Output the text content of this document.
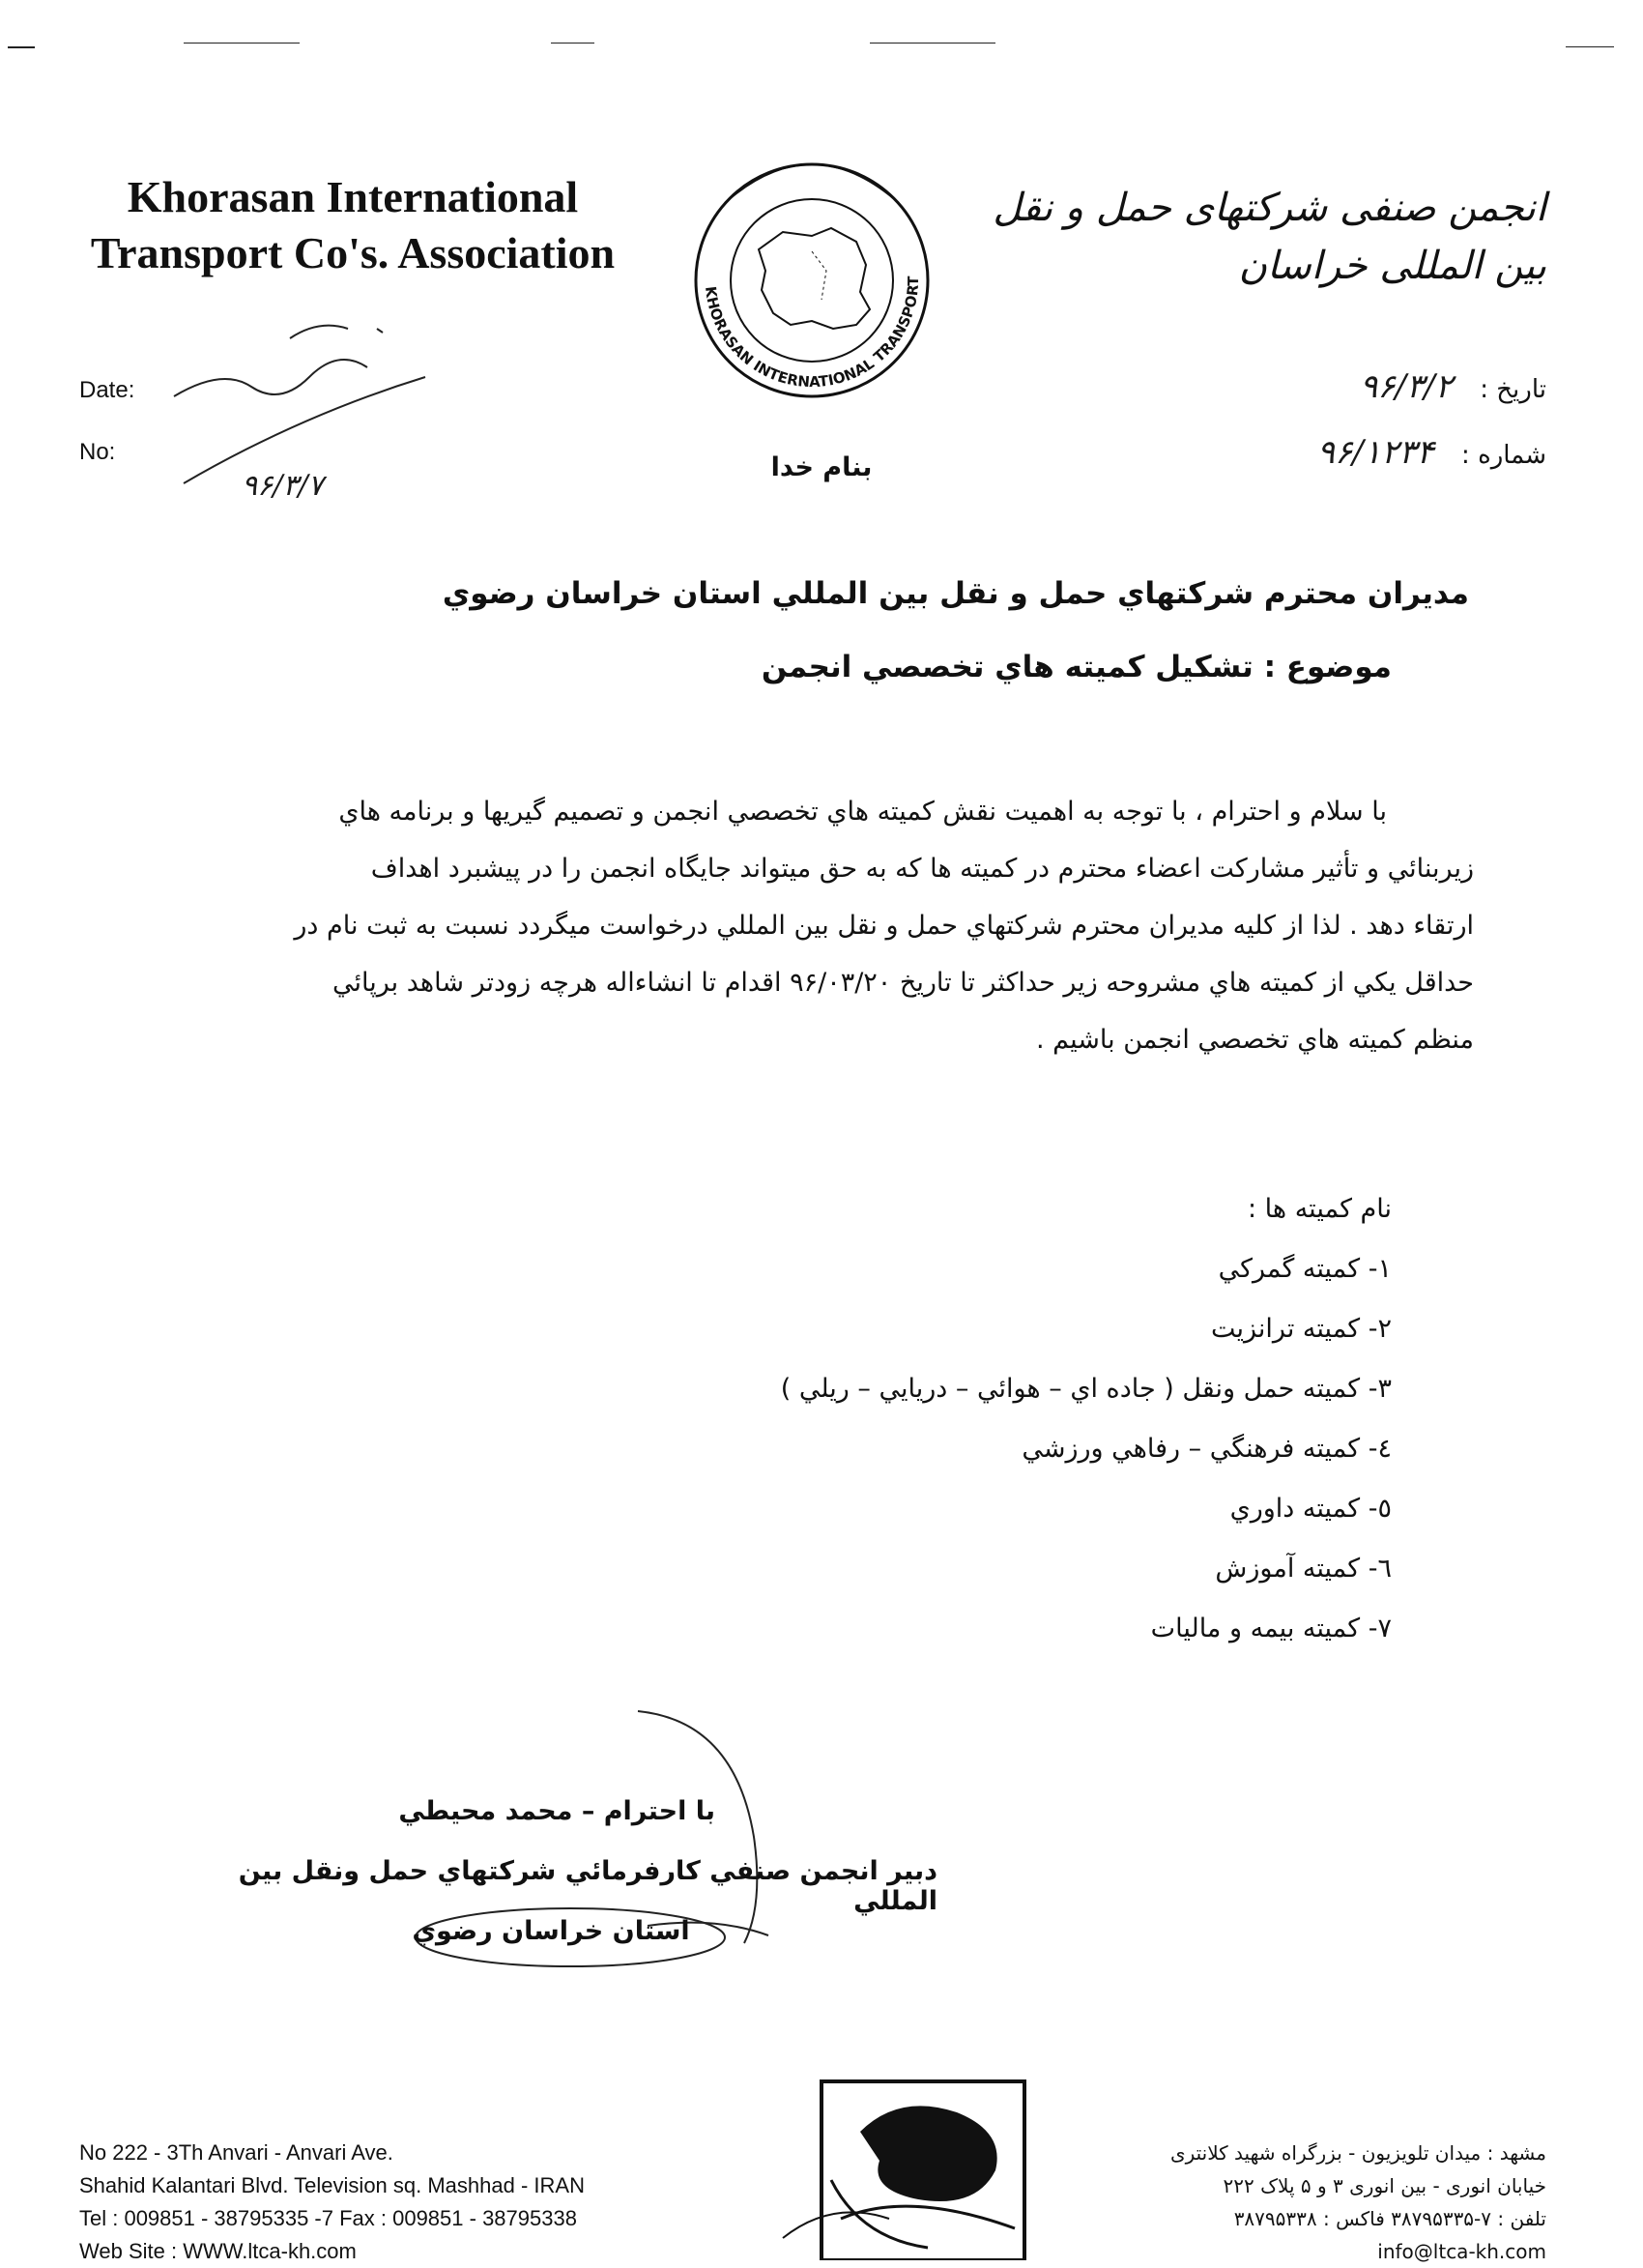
Khorasan International
Transport Co's. Association
KHORASAN INTERNATIONAL TRANSPORT
انجمن صنفی شرکتهای حمل و نقل بین المللی خراسان
Date:
No:
۹۶/۳/۷
تاریخ : ۹۶/۳/۲
شماره : ۹۶/۱۲۳۴
بنام خدا
مديران محترم شركتهاي حمل و نقل بين المللي استان خراسان رضوي
موضوع : تشكيل كميته هاي تخصصي انجمن
با سلام و احترام ، با توجه به اهميت نقش كميته هاي تخصصي انجمن و تصميم گيريها و برنامه هاي
زيربنائي و تأثير مشاركت اعضاء محترم در كميته ها كه به حق ميتواند جايگاه انجمن را در پيشبرد اهداف
ارتقاء دهد . لذا از كليه مديران محترم شركتهاي حمل و نقل بين المللي درخواست ميگردد نسبت به ثبت نام در
حداقل يكي از كميته هاي مشروحه زير حداكثر تا تاريخ ۹۶/۰۳/۲۰ اقدام تا انشاءاله هرچه زودتر شاهد برپائي
منظم كميته هاي تخصصي انجمن باشيم .
نام كميته ها :
۱- كميته گمركي
۲- كميته ترانزيت
۳- كميته حمل ونقل ( جاده اي – هوائي – دريايي – ريلي )
٤- كميته فرهنگي – رفاهي ورزشي
٥- كميته داوري
٦- كميته آموزش
۷- كميته بيمه و ماليات
با احترام – محمد محيطي
دبير انجمن صنفي كارفرمائي شركتهاي حمل ونقل بين المللي
استان خراسان رضوي
No 222 - 3Th Anvari - Anvari Ave.
Shahid Kalantari Blvd. Television sq. Mashhad - IRAN
Tel : 009851 - 38795335 -7 Fax : 009851 - 38795338
Web Site : WWW.ltca-kh.com
مشهد : میدان تلویزیون - بزرگراه شهید کلانتری
خیابان انوری - بین انوری ۳ و ۵ پلاک ۲۲۲
تلفن : ۷-۳۸۷۹۵۳۳۵ فاکس : ۳۸۷۹۵۳۳۸
info@ltca-kh.com
